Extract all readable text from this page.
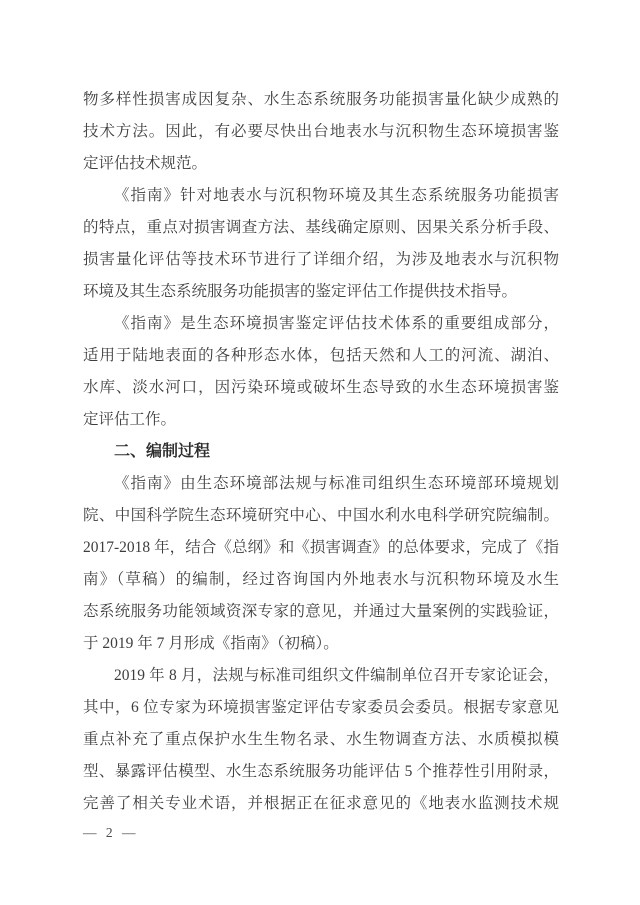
物多样性损害成因复杂、水生态系统服务功能损害量化缺少成熟的
技术方法。因此，有必要尽快出台地表水与沉积物生态环境损害鉴
定评估技术规范。
《指南》针对地表水与沉积物环境及其生态系统服务功能损害
的特点，重点对损害调查方法、基线确定原则、因果关系分析手段、
损害量化评估等技术环节进行了详细介绍，为涉及地表水与沉积物
环境及其生态系统服务功能损害的鉴定评估工作提供技术指导。
《指南》是生态环境损害鉴定评估技术体系的重要组成部分，
适用于陆地表面的各种形态水体，包括天然和人工的河流、湖泊、
水库、淡水河口，因污染环境或破坏生态导致的水生态环境损害鉴
定评估工作。
二、编制过程
《指南》由生态环境部法规与标准司组织生态环境部环境规划
院、中国科学院生态环境研究中心、中国水利水电科学研究院编制。
2017-2018 年，结合《总纲》和《损害调查》的总体要求，完成了《指
南》（草稿）的编制，经过咨询国内外地表水与沉积物环境及水生
态系统服务功能领域资深专家的意见，并通过大量案例的实践验证，
于 2019 年 7 月形成《指南》（初稿）。
2019 年 8 月，法规与标准司组织文件编制单位召开专家论证会，
其中，6 位专家为环境损害鉴定评估专家委员会委员。根据专家意见
重点补充了重点保护水生生物名录、水生物调查方法、水质模拟模
型、暴露评估模型、水生态系统服务功能评估 5 个推荐性引用附录，
完善了相关专业术语，并根据正在征求意见的《地表水监测技术规
— 2 —
